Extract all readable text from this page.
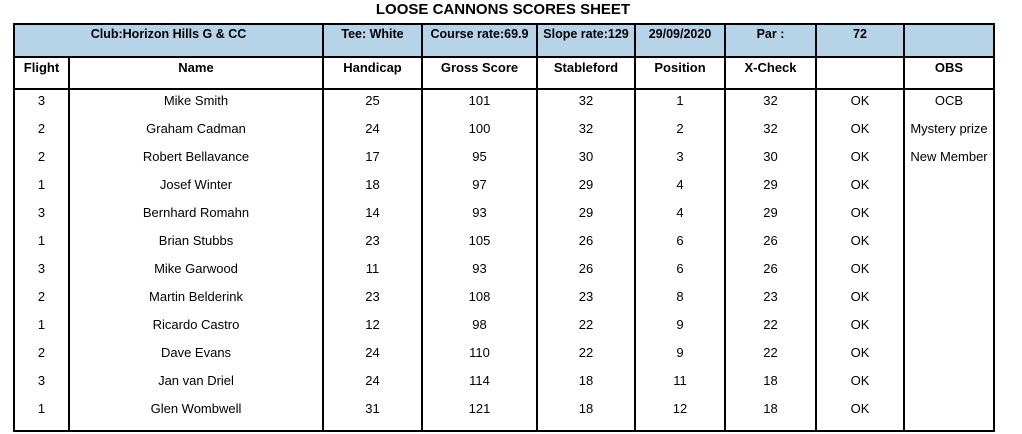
LOOSE CANNONS SCORES SHEET
Club:Horizon Hills G & CC		Tee: White	Course rate:69.9	Slope rate:129	29/09/2020	Par :	72	
Flight	Name	Handicap	Gross Score	Stableford	Position	X-Check		OBS

3	Mike Smith	25	101	32	1	32	OK	OCB
2	Graham Cadman	24	100	32	2	32	OK	Mystery prize
2	Robert Bellavance	17	95	30	3	30	OK	New Member
1	Josef Winter	18	97	29	4	29	OK	
3	Bernhard Romahn	14	93	29	4	29	OK	
1	Brian Stubbs	23	105	26	6	26	OK	
3	Mike Garwood	11	93	26	6	26	OK	
2	Martin Belderink	23	108	23	8	23	OK	
1	Ricardo Castro	12	98	22	9	22	OK	
2	Dave Evans	24	110	22	9	22	OK	
3	Jan van Driel	24	114	18	11	18	OK	
1	Glen Wombwell	31	121	18	12	18	OK	
